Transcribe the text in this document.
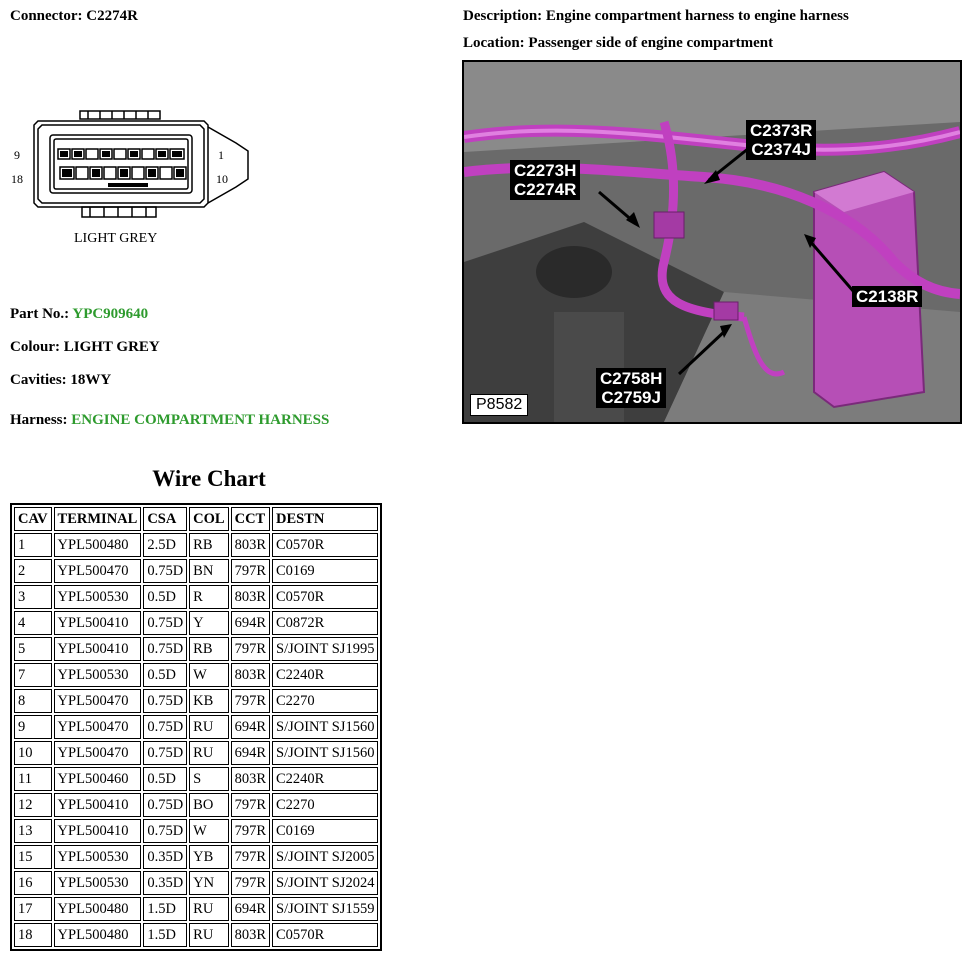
Connector: C2274R	Description: Engine compartment harness to engine harness
Location: Passenger side of engine compartment
9
18
1
10
LIGHT GREY
Part No.: YPC909640
Colour: LIGHT GREY
Cavities: 18WY
Harness: ENGINE COMPARTMENT HARNESS
C2373R
C2374J
C2273H
C2274R
C2138R
C2758H
C2759J
P8582
Wire Chart
CAV	TERMINAL	CSA	COL	CCT	DESTN
1	YPL500480	2.5D	RB	803R	C0570R
2	YPL500470	0.75D	BN	797R	C0169
3	YPL500530	0.5D	R	803R	C0570R
4	YPL500410	0.75D	Y	694R	C0872R
5	YPL500410	0.75D	RB	797R	S/JOINT SJ1995
7	YPL500530	0.5D	W	803R	C2240R
8	YPL500470	0.75D	KB	797R	C2270
9	YPL500470	0.75D	RU	694R	S/JOINT SJ1560
10	YPL500470	0.75D	RU	694R	S/JOINT SJ1560
11	YPL500460	0.5D	S	803R	C2240R
12	YPL500410	0.75D	BO	797R	C2270
13	YPL500410	0.75D	W	797R	C0169
15	YPL500530	0.35D	YB	797R	S/JOINT SJ2005
16	YPL500530	0.35D	YN	797R	S/JOINT SJ2024
17	YPL500480	1.5D	RU	694R	S/JOINT SJ1559
18	YPL500480	1.5D	RU	803R	C0570R
